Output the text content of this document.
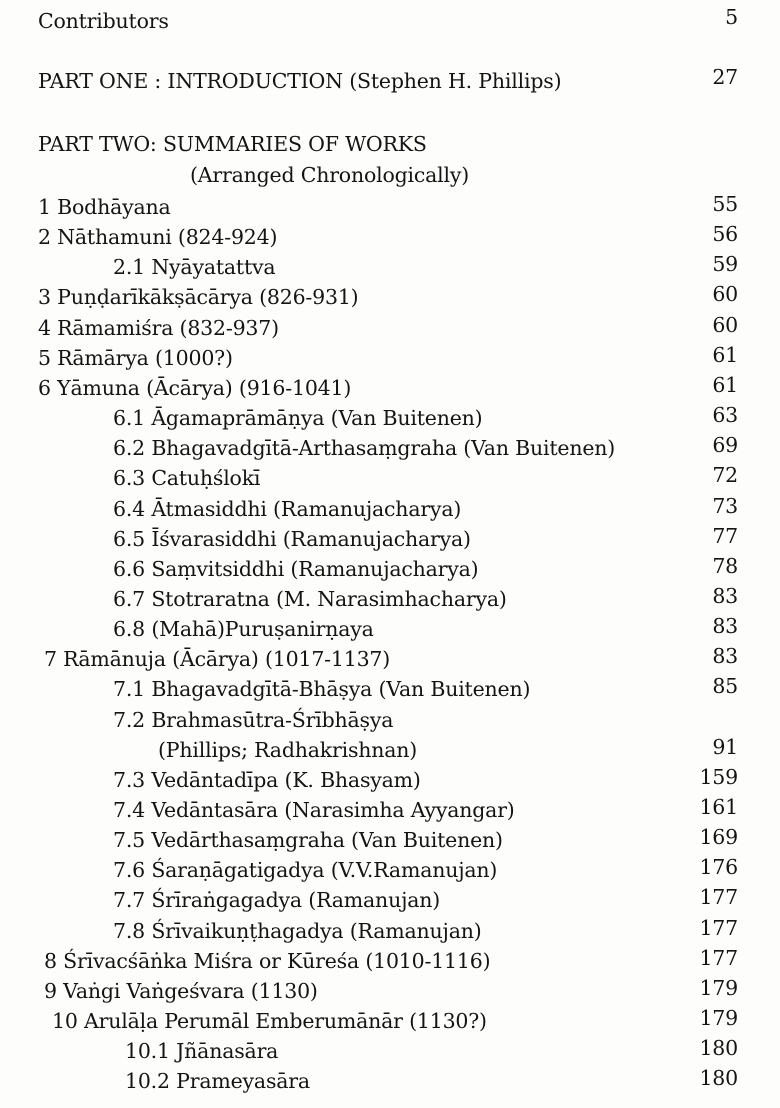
Contributors	5
PART ONE : INTRODUCTION (Stephen H. Phillips)	27
PART TWO: SUMMARIES OF WORKS
(Arranged Chronologically)
1 Bodhāyana	55
2 Nāthamuni (824-924)	56
2.1 Nyāyatattva	59
3 Puṇḍarīkākṣācārya (826-931)	60
4 Rāmamiśra (832-937)	60
5 Rāmārya (1000?)	61
6 Yāmuna (Ācārya) (916-1041)	61
6.1 Āgamaprāmāṇya (Van Buitenen)	63
6.2 Bhagavadgītā-Arthasaṃgraha (Van Buitenen)	69
6.3 Catuḥślokī	72
6.4 Ātmasiddhi (Ramanujacharya)	73
6.5 Īśvarasiddhi (Ramanujacharya)	77
6.6 Saṃvitsiddhi (Ramanujacharya)	78
6.7 Stotraratna (M. Narasimhacharya)	83
6.8 (Mahā)Puruṣanirṇaya	83
7 Rāmānuja (Ācārya) (1017-1137)	83
7.1 Bhagavadgītā-Bhāṣya (Van Buitenen)	85
7.2 Brahmasūtra-Śrībhāṣya
(Phillips; Radhakrishnan)	91
7.3 Vedāntadīpa (K. Bhasyam)	159
7.4 Vedāntasāra (Narasimha Ayyangar)	161
7.5 Vedārthasaṃgraha (Van Buitenen)	169
7.6 Śaraṇāgatigadya (V.V.Ramanujan)	176
7.7 Śrīraṅgagadya (Ramanujan)	177
7.8 Śrīvaikuṇṭhagadya (Ramanujan)	177
8 Śrīvacśāṅka Miśra or Kūreśa (1010-1116)	177
9 Vaṅgi Vaṅgeśvara (1130)	179
10 Arulāḷa Perumāl Emberumānār (1130?)	179
10.1 Jñānasāra	180
10.2 Prameyasāra	180
